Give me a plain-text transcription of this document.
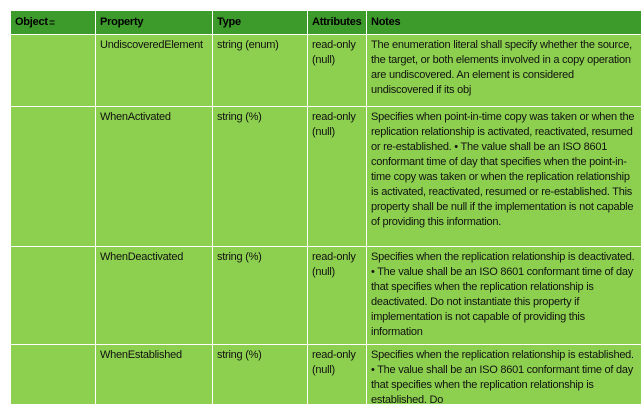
Object≣	Property	Type	Attributes	Notes
	UndiscoveredElement	string (enum)	read-only (null)	The enumeration literal shall specify whether the source, the target, or both elements involved in a copy operation are undiscovered. An element is considered undiscovered if its obj
	WhenActivated	string (%)	read-only (null)	Specifies when point-in-time copy was taken or when the replication relationship is activated, reactivated, resumed or re-established. • The value shall be an ISO 8601 conformant time of day that specifies when the point-in-time copy was taken or when the replication relationship is activated, reactivated, resumed or re-established. This property shall be null if the implementation is not capable of providing this information.
	WhenDeactivated	string (%)	read-only (null)	Specifies when the replication relationship is deactivated. • The value shall be an ISO 8601 conformant time of day that specifies when the replication relationship is deactivated. Do not instantiate this property if implementation is not capable of providing this information
	WhenEstablished	string (%)	read-only (null)	Specifies when the replication relationship is established. • The value shall be an ISO 8601 conformant time of day that specifies when the replication relationship is established. Do
